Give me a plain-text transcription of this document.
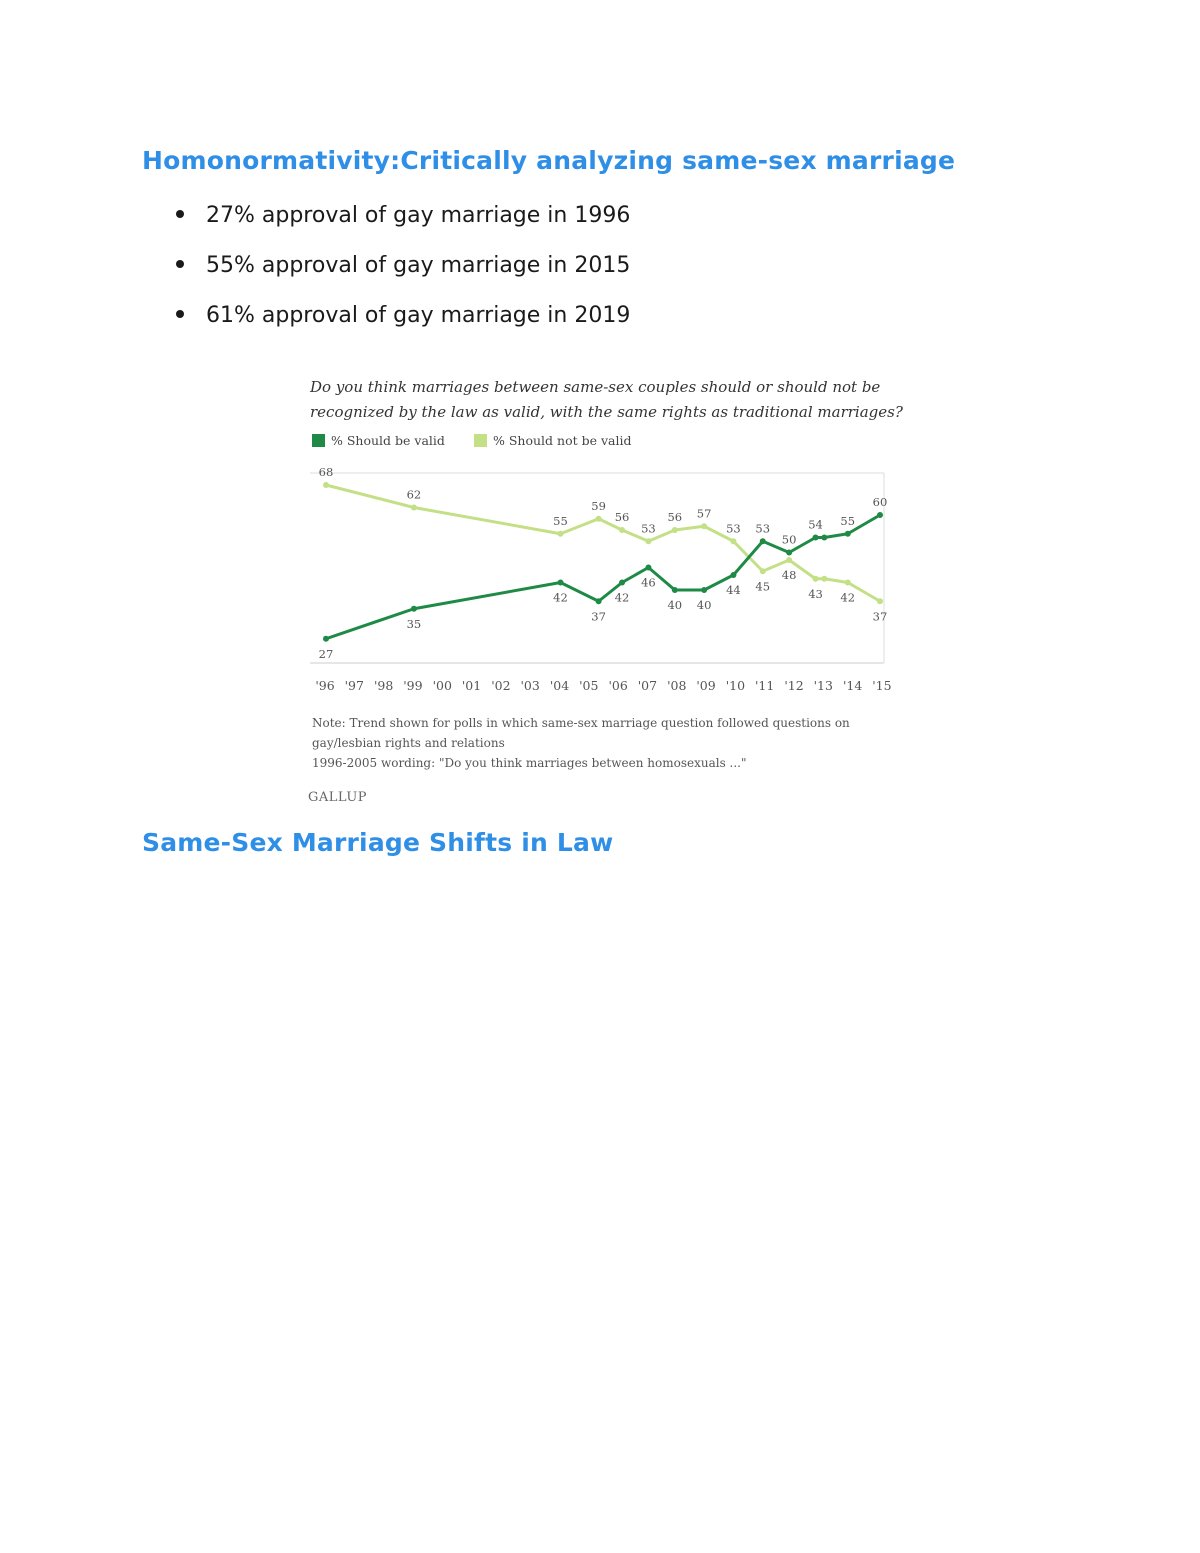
Homonormativity:Critically analyzing same-sex marriage
27% approval of gay marriage in 1996
55% approval of gay marriage in 2015
61% approval of gay marriage in 2019
Do you think marriages between same-sex couples should or should not be recognized by the law as valid, with the same rights as traditional marriages?
% Should be valid	% Should not be valid
'96 '97 '98 '99 '00 '01 '02 '03 '04 '05 '06 '07 '08 '09 '10 '11 '12 '13 '14 '15
68
62
55
59
56
53
56 57
53
45
48
43 42
37
27
35
42
37
42
46
40 40
44
53
50
54 55
60
Note: Trend shown for polls in which same-sex marriage question followed questions on
gay/lesbian rights and relations
1996-2005 wording: "Do you think marriages between homosexuals ..."
GALLUP
Same-Sex Marriage Shifts in Law
